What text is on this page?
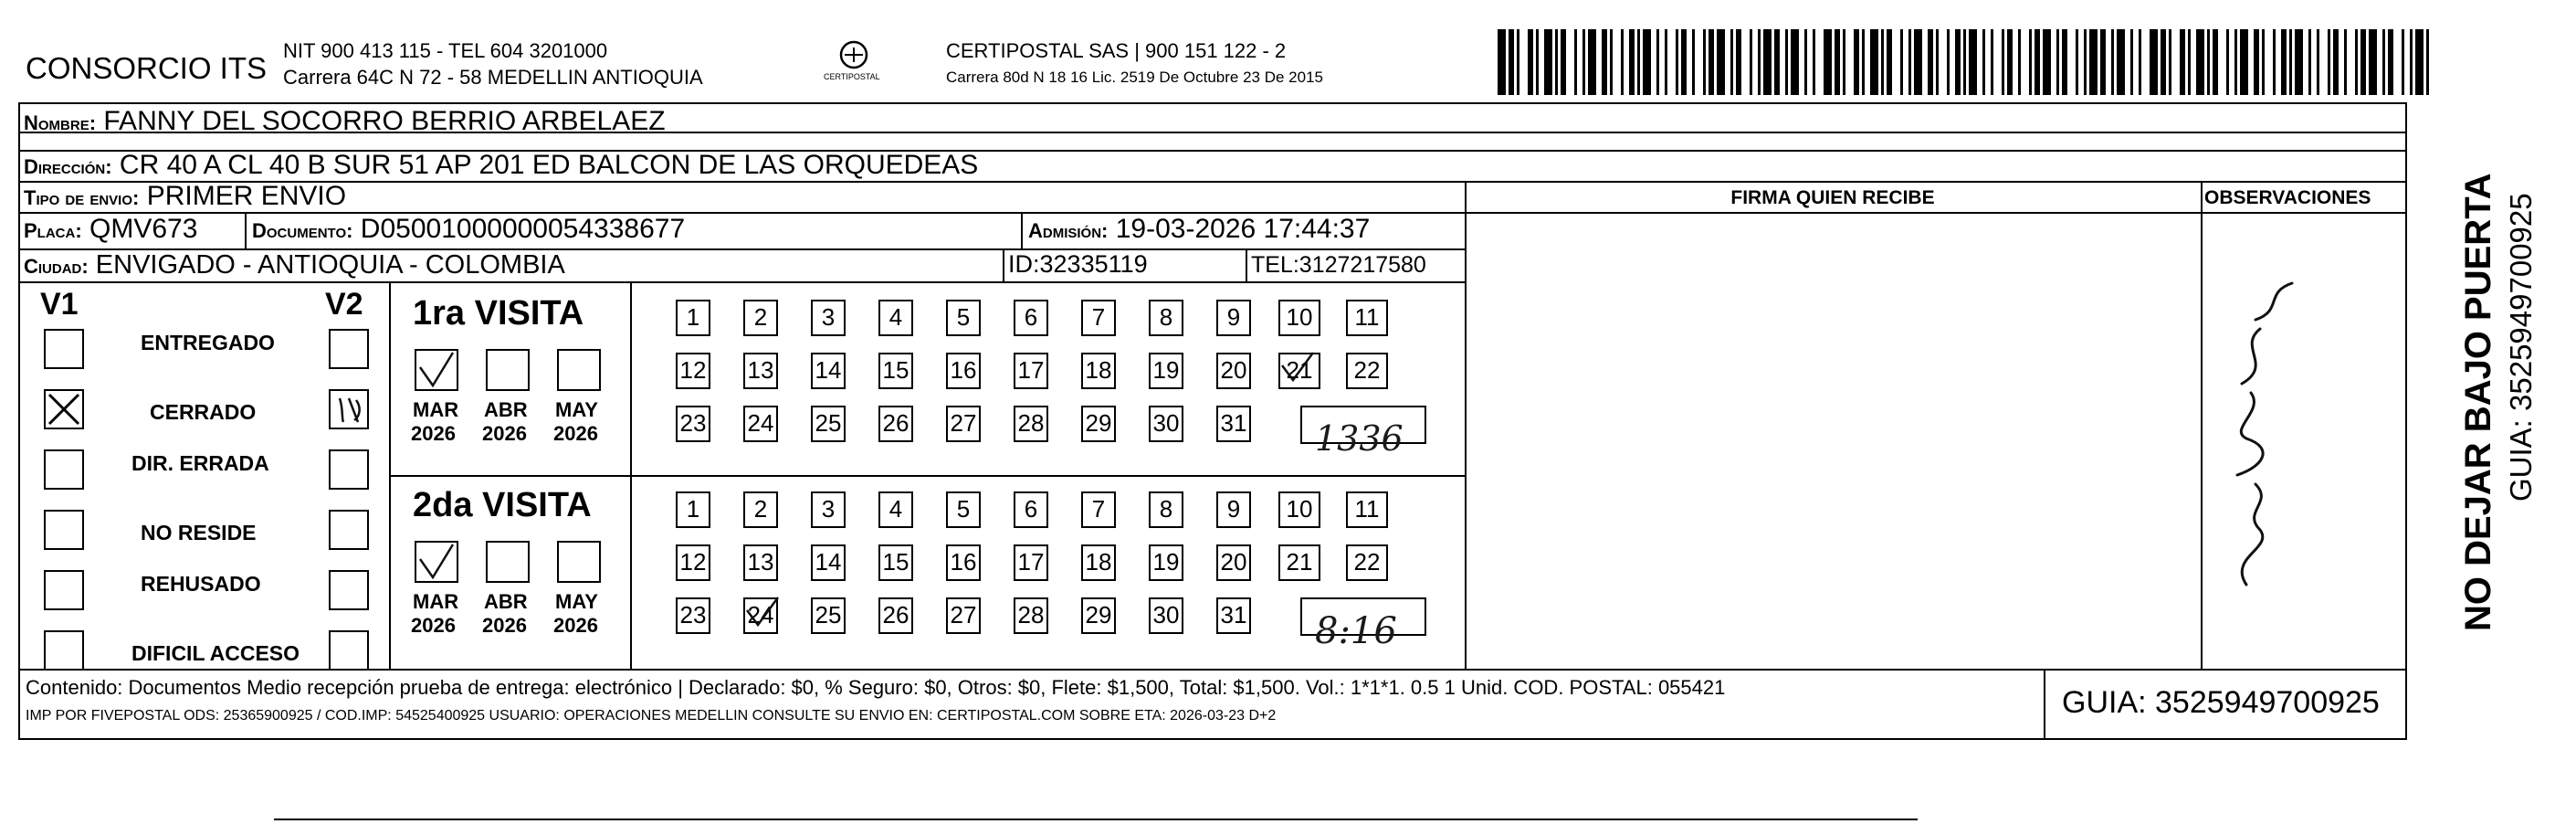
CONSORCIO ITS
NIT 900 413 115 - TEL 604 3201000
Carrera 64C N 72 - 58 MEDELLIN ANTIOQUIA	CERTIPOSTAL
CERTIPOSTAL SAS | 900 151 122 - 2
Carrera 80d N 18 16 Lic. 2519 De Octubre 23 De 2015
Nombre: FANNY DEL SOCORRO BERRIO ARBELAEZ
Dirección: CR 40 A CL 40 B SUR 51 AP 201 ED BALCON DE LAS ORQUEDEAS
Tipo de envio: PRIMER ENVIO	FIRMA QUIEN RECIBE	OBSERVACIONES
Placa: QMV673	Documento: D05001000000054338677	Admisión: 19-03-2026 17:44:37
Ciudad: ENVIGADO - ANTIOQUIA - COLOMBIA	ID:32335119	TEL:3127217580
V1	V2
ENTREGADO
CERRADO
DIR. ERRADA
NO RESIDE
REHUSADO
DIFICIL ACCESO
1ra VISITA
MAR
2026
ABR
2026
MAY
2026
1	2	3	4	5	6	7	8	9	10	11
12 13 14 15 16 17 18 19 20	21	22
23 24 25 26 27 28 29 30 31 1336
2da VISITA
MAR
2026
ABR
2026
MAY
2026
1	2	3	4	5	6	7	8	9	10	11
12 13 14 15 16 17 18 19 20	21	22
23 24 25 26 27 28 29 30 31 8:16
Contenido: Documentos Medio recepción prueba de entrega: electrónico | Declarado: $0, % Seguro: $0, Otros: $0, Flete: $1,500, Total: $1,500. Vol.: 1*1*1. 0.5 1 Unid. COD. POSTAL: 055421
IMP POR FIVEPOSTAL ODS: 25365900925 / COD.IMP: 54525400925 USUARIO: OPERACIONES MEDELLIN CONSULTE SU ENVIO EN: CERTIPOSTAL.COM SOBRE ETA: 2026-03-23 D+2	GUIA: 3525949700925
NO DEJAR BAJO PUERTA GUIA: 3525949700925
